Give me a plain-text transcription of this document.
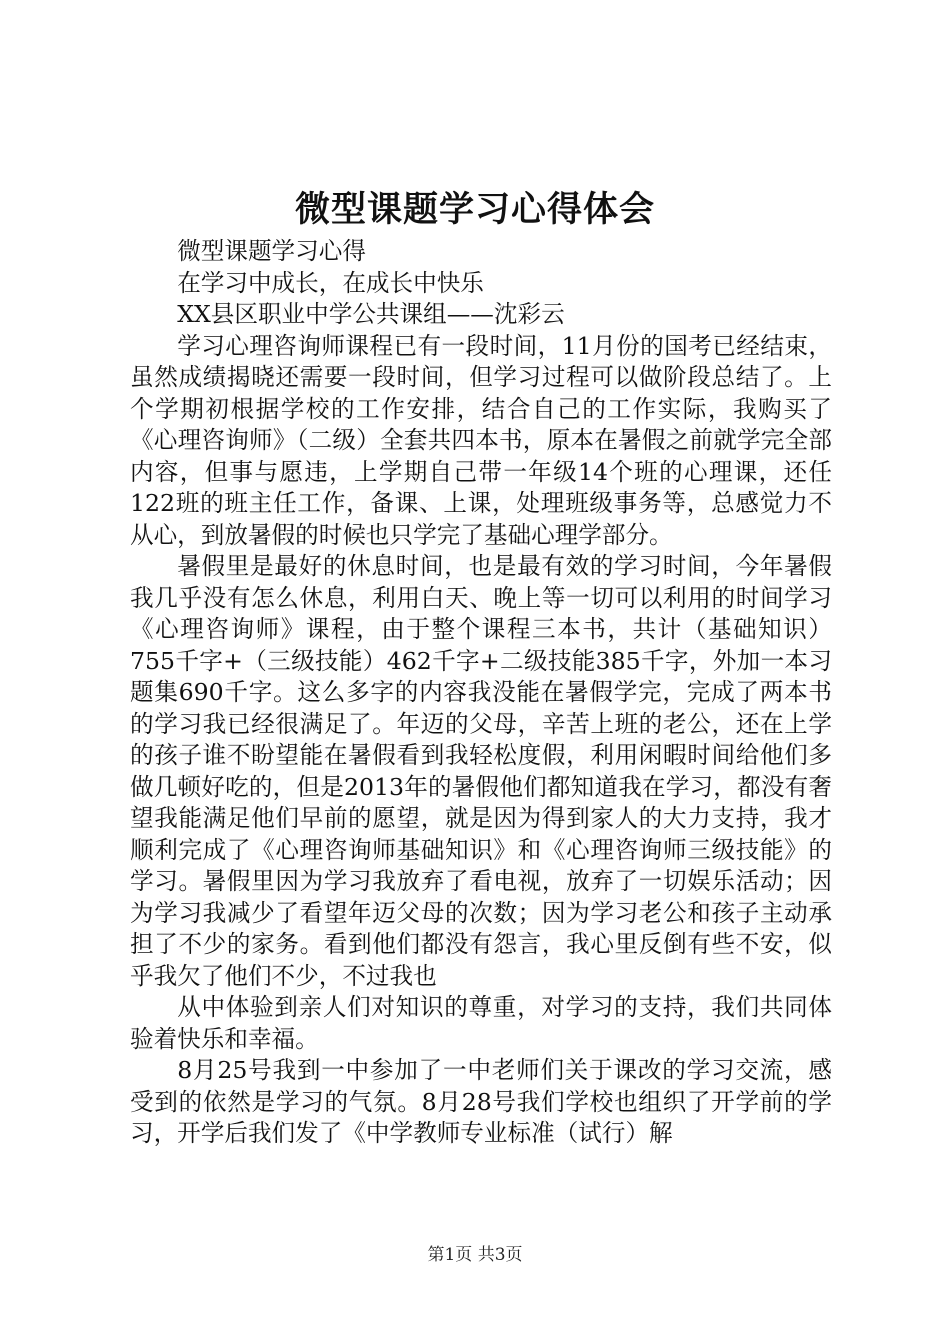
微型课题学习心得体会

微型课题学习心得

在学习中成长，在成长中快乐

XX县区职业中学公共课组——沈彩云

学习心理咨询师课程已有一段时间，11月份的国考已经结束，虽然成绩揭晓还需要一段时间，但学习过程可以做阶段总结了。上个学期初根据学校的工作安排，结合自己的工作实际，我购买了《心理咨询师》（二级）全套共四本书，原本在暑假之前就学完全部内容，但事与愿违，上学期自己带一年级14个班的心理课，还任122班的班主任工作，备课、上课，处理班级事务等，总感觉力不从心，到放暑假的时候也只学完了基础心理学部分。

暑假里是最好的休息时间，也是最有效的学习时间，今年暑假我几乎没有怎么休息，利用白天、晚上等一切可以利用的时间学习《心理咨询师》课程，由于整个课程三本书，共计（基础知识）755千字+（三级技能）462千字+二级技能385千字，外加一本习题集690千字。这么多字的内容我没能在暑假学完，完成了两本书的学习我已经很满足了。年迈的父母，辛苦上班的老公，还在上学的孩子谁不盼望能在暑假看到我轻松度假，利用闲暇时间给他们多做几顿好吃的，但是2013年的暑假他们都知道我在学习，都没有奢望我能满足他们早前的愿望，就是因为得到家人的大力支持，我才顺利完成了《心理咨询师基础知识》和《心理咨询师三级技能》的学习。暑假里因为学习我放弃了看电视，放弃了一切娱乐活动；因为学习我减少了看望年迈父母的次数；因为学习老公和孩子主动承担了不少的家务。看到他们都没有怨言，我心里反倒有些不安，似乎我欠了他们不少，不过我也

从中体验到亲人们对知识的尊重，对学习的支持，我们共同体验着快乐和幸福。

8月25号我到一中参加了一中老师们关于课改的学习交流，感受到的依然是学习的气氛。8月28号我们学校也组织了开学前的学习，开学后我们发了《中学教师专业标准（试行）解

第1页 共3页
